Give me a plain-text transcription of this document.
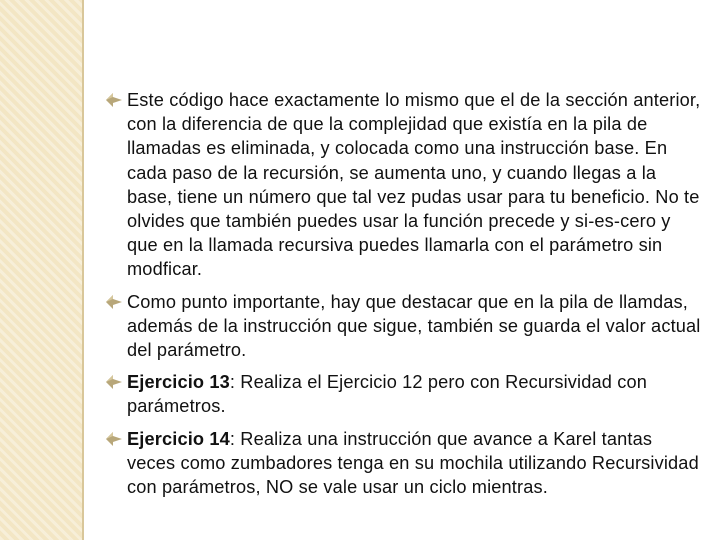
Este código hace exactamente lo mismo que el de la sección anterior, con la diferencia de que la complejidad que existía en la pila de llamadas es eliminada, y colocada como una instrucción base. En cada paso de la recursión, se aumenta uno, y cuando llegas a la base, tiene un número que tal vez pudas usar para tu beneficio. No te olvides que también puedes usar la función precede y si-es-cero y que en la llamada recursiva puedes llamarla con el parámetro sin modficar.
Como punto importante, hay que destacar que en la pila de llamdas, además de la instrucción que sigue, también se guarda el valor actual del parámetro.
Ejercicio 13: Realiza el Ejercicio 12 pero con Recursividad con parámetros.
Ejercicio 14: Realiza una instrucción que avance a Karel tantas veces como zumbadores tenga en su mochila utilizando Recursividad con parámetros, NO se vale usar un ciclo mientras.
